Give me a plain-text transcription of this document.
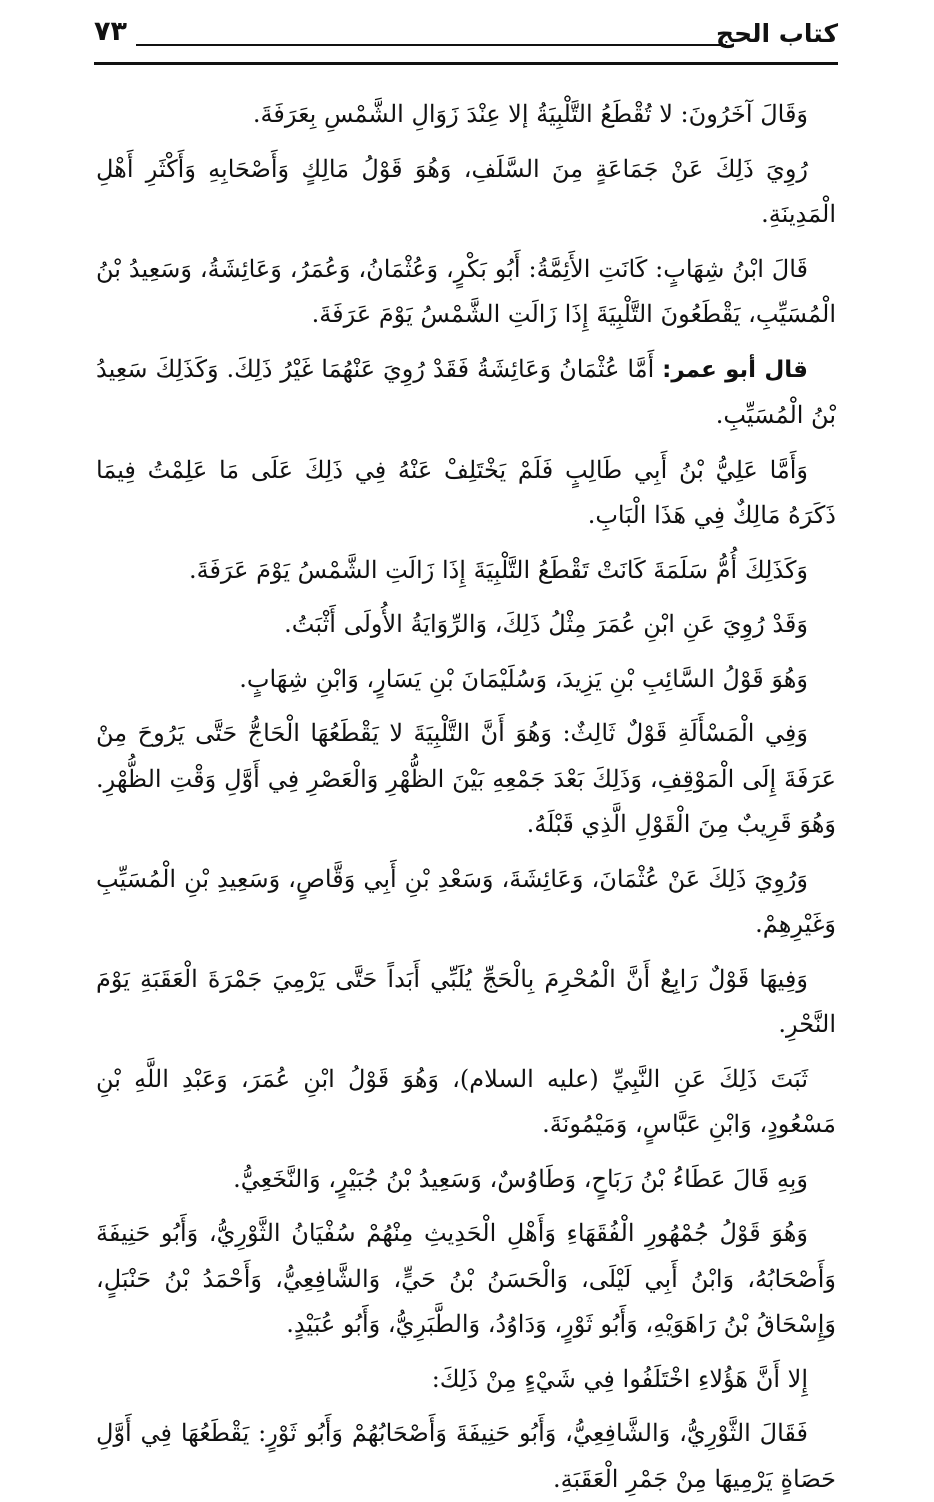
كتاب الحج
٧٣

وَقَالَ آخَرُونَ: لا تُقْطَعُ التَّلْبِيَةُ إلا عِنْدَ زَوَالِ الشَّمْسِ بِعَرَفَةَ.

رُوِيَ ذَلِكَ عَنْ جَمَاعَةٍ مِنَ السَّلَفِ، وَهُوَ قَوْلُ مَالِكٍ وَأَصْحَابِهِ وَأَكْثَرِ أَهْلِ الْمَدِينَةِ.

قَالَ ابْنُ شِهَابٍ: كَانَتِ الأَئِمَّةُ: أَبُو بَكْرٍ، وَعُثْمَانُ، وَعُمَرُ، وَعَائِشَةُ، وَسَعِيدُ بْنُ الْمُسَيِّبِ، يَقْطَعُونَ التَّلْبِيَةَ إِذَا زَالَتِ الشَّمْسُ يَوْمَ عَرَفَةَ.

قال أبو عمر: أَمَّا عُثْمَانُ وَعَائِشَةُ فَقَدْ رُوِيَ عَنْهُمَا غَيْرُ ذَلِكَ. وَكَذَلِكَ سَعِيدُ بْنُ الْمُسَيِّبِ.

وَأَمَّا عَلِيُّ بْنُ أَبِي طَالِبٍ فَلَمْ يَخْتَلِفْ عَنْهُ فِي ذَلِكَ عَلَى مَا عَلِمْتُ فِيمَا ذَكَرَهُ مَالِكٌ فِي هَذَا الْبَابِ.

وَكَذَلِكَ أُمُّ سَلَمَةَ كَانَتْ تَقْطَعُ التَّلْبِيَةَ إِذَا زَالَتِ الشَّمْسُ يَوْمَ عَرَفَةَ.

وَقَدْ رُوِيَ عَنِ ابْنِ عُمَرَ مِثْلُ ذَلِكَ، وَالرِّوَايَةُ الأُولَى أَثْبَتُ.

وَهُوَ قَوْلُ السَّائِبِ بْنِ يَزِيدَ، وَسُلَيْمَانَ بْنِ يَسَارٍ، وَابْنِ شِهَابٍ.

وَفِي الْمَسْأَلَةِ قَوْلٌ ثَالِثٌ: وَهُوَ أَنَّ التَّلْبِيَةَ لا يَقْطَعُهَا الْحَاجُّ حَتَّى يَرُوحَ مِنْ عَرَفَةَ إِلَى الْمَوْقِفِ، وَذَلِكَ بَعْدَ جَمْعِهِ بَيْنَ الظُّهْرِ وَالْعَصْرِ فِي أَوَّلِ وَقْتِ الظُّهْرِ. وَهُوَ قَرِيبٌ مِنَ الْقَوْلِ الَّذِي قَبْلَهُ.

وَرُوِيَ ذَلِكَ عَنْ عُثْمَانَ، وَعَائِشَةَ، وَسَعْدِ بْنِ أَبِي وَقَّاصٍ، وَسَعِيدِ بْنِ الْمُسَيِّبِ وَغَيْرِهِمْ.

وَفِيهَا قَوْلٌ رَابِعٌ أَنَّ الْمُحْرِمَ بِالْحَجِّ يُلَبِّي أَبَداً حَتَّى يَرْمِيَ جَمْرَةَ الْعَقَبَةِ يَوْمَ النَّحْرِ.

ثَبَتَ ذَلِكَ عَنِ النَّبِيِّ (عليه السلام)، وَهُوَ قَوْلُ ابْنِ عُمَرَ، وَعَبْدِ اللَّهِ بْنِ مَسْعُودٍ، وَابْنِ عَبَّاسٍ، وَمَيْمُونَةَ.

وَبِهِ قَالَ عَطَاءُ بْنُ رَبَاحٍ، وَطَاوُسٌ، وَسَعِيدُ بْنُ جُبَيْرٍ، وَالنَّخَعِيُّ.

وَهُوَ قَوْلُ جُمْهُورِ الْفُقَهَاءِ وَأَهْلِ الْحَدِيثِ مِنْهُمْ سُفْيَانُ الثَّوْرِيُّ، وَأَبُو حَنِيفَةَ وَأَصْحَابُهُ، وَابْنُ أَبِي لَيْلَى، وَالْحَسَنُ بْنُ حَيٍّ، وَالشَّافِعِيُّ، وَأَحْمَدُ بْنُ حَنْبَلٍ، وَإِسْحَاقُ بْنُ رَاهَوَيْهِ، وَأَبُو ثَوْرٍ، وَدَاوُدُ، وَالطَّبَرِيُّ، وَأَبُو عُبَيْدٍ.

إِلا أَنَّ هَؤُلاءِ اخْتَلَفُوا فِي شَيْءٍ مِنْ ذَلِكَ:

فَقَالَ الثَّوْرِيُّ، وَالشَّافِعِيُّ، وَأَبُو حَنِيفَةَ وَأَصْحَابُهُمْ وَأَبُو ثَوْرٍ: يَقْطَعُهَا فِي أَوَّلِ حَصَاةٍ يَرْمِيهَا مِنْ جَمْرِ الْعَقَبَةِ.
